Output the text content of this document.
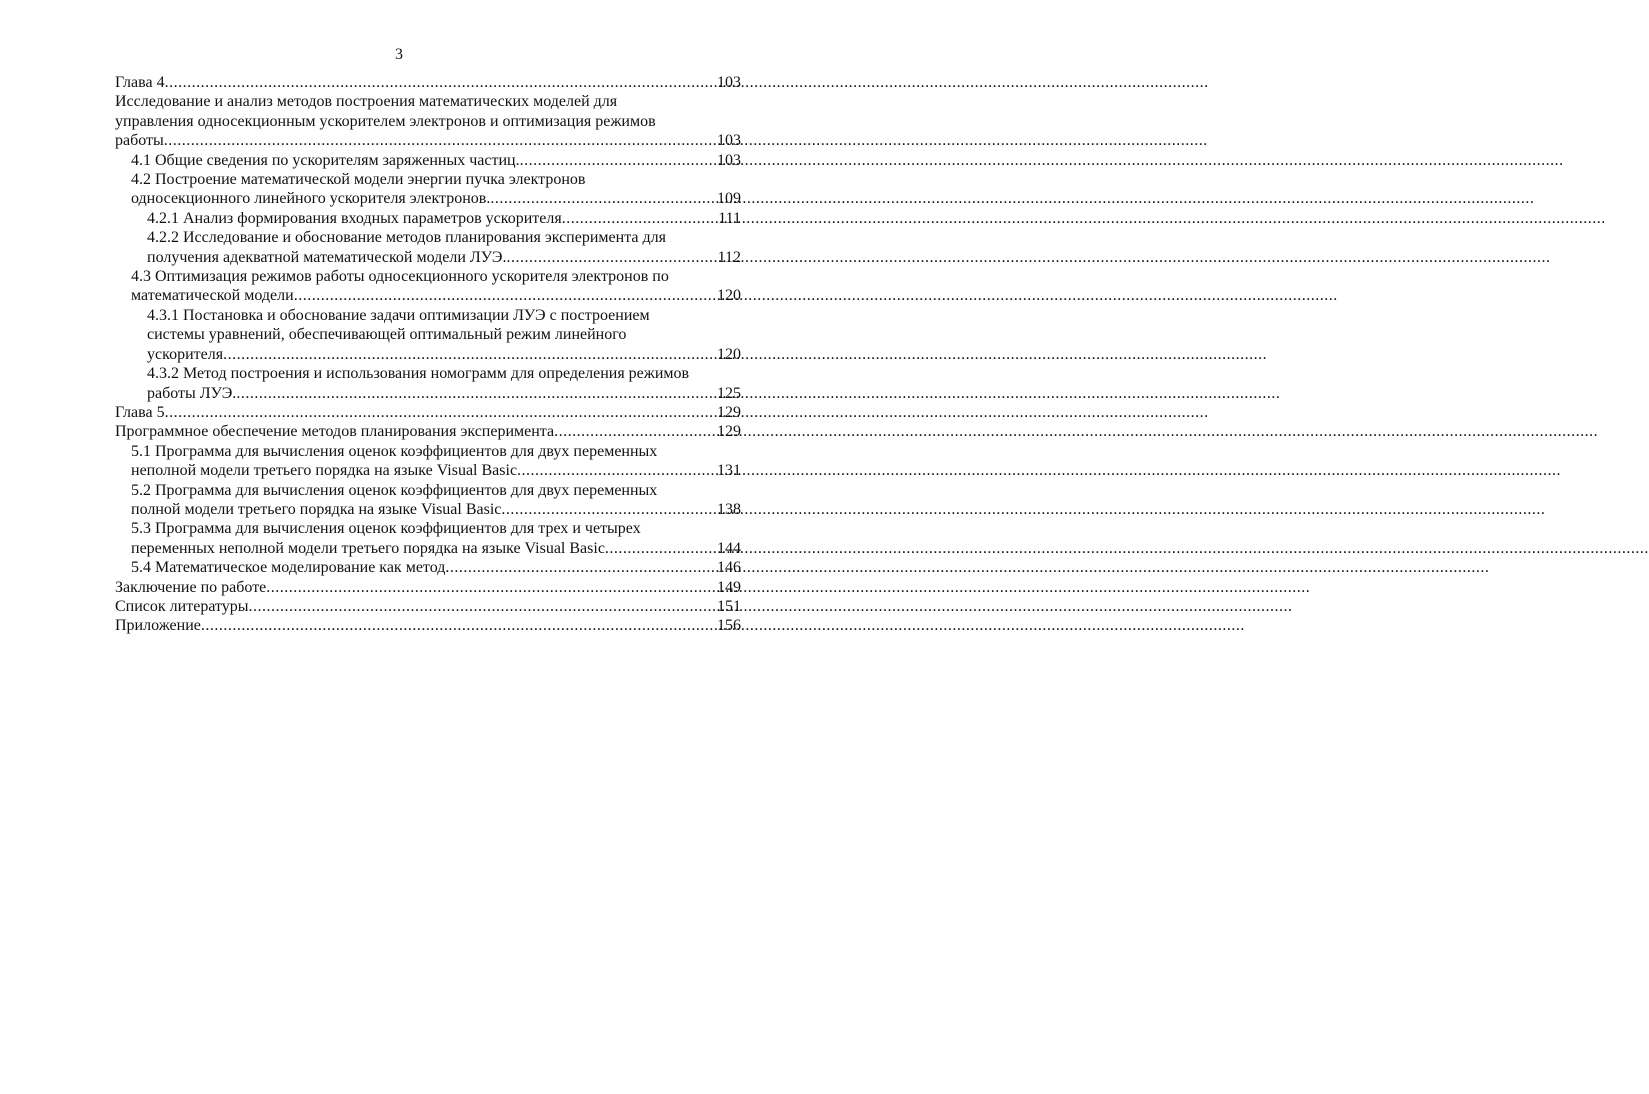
3
Глава 4 .....	103
Исследование и анализ методов построения математических моделей для
управления односекционным ускорителем электронов и оптимизация режимов
работы .....	103
4.1 Общие сведения по ускорителям заряженных частиц. .....	103
4.2 Построение математической модели энергии пучка электронов
односекционного линейного ускорителя электронов. .....	109
4.2.1 Анализ формирования входных параметров ускорителя .....	111
4.2.2 Исследование и обоснование методов планирования эксперимента для
получения адекватной математической модели ЛУЭ. .....	112
4.3 Оптимизация режимов работы односекционного ускорителя электронов по
математической модели .....	120
4.3.1 Постановка и обоснование задачи оптимизации ЛУЭ с построением
системы уравнений, обеспечивающей оптимальный режим линейного
ускорителя .....	120
4.3.2 Метод построения и использования номограмм для определения режимов
работы ЛУЭ. .....	125
Глава 5 .....	129
Программное обеспечение методов планирования эксперимента .....	129
5.1 Программа для вычисления оценок коэффициентов для двух переменных
неполной модели третьего порядка на языке Visual Basic .....	131
5.2 Программа для вычисления оценок коэффициентов для двух переменных
полной модели третьего порядка на языке Visual Basic .....	138
5.3 Программа для вычисления оценок коэффициентов для трех и четырех
переменных неполной модели третьего порядка на языке Visual Basic .....	144
5.4 Математическое моделирование как метод .....	146
Заключение по работе .....	149
Список литературы .....	151
Приложение .....	156
